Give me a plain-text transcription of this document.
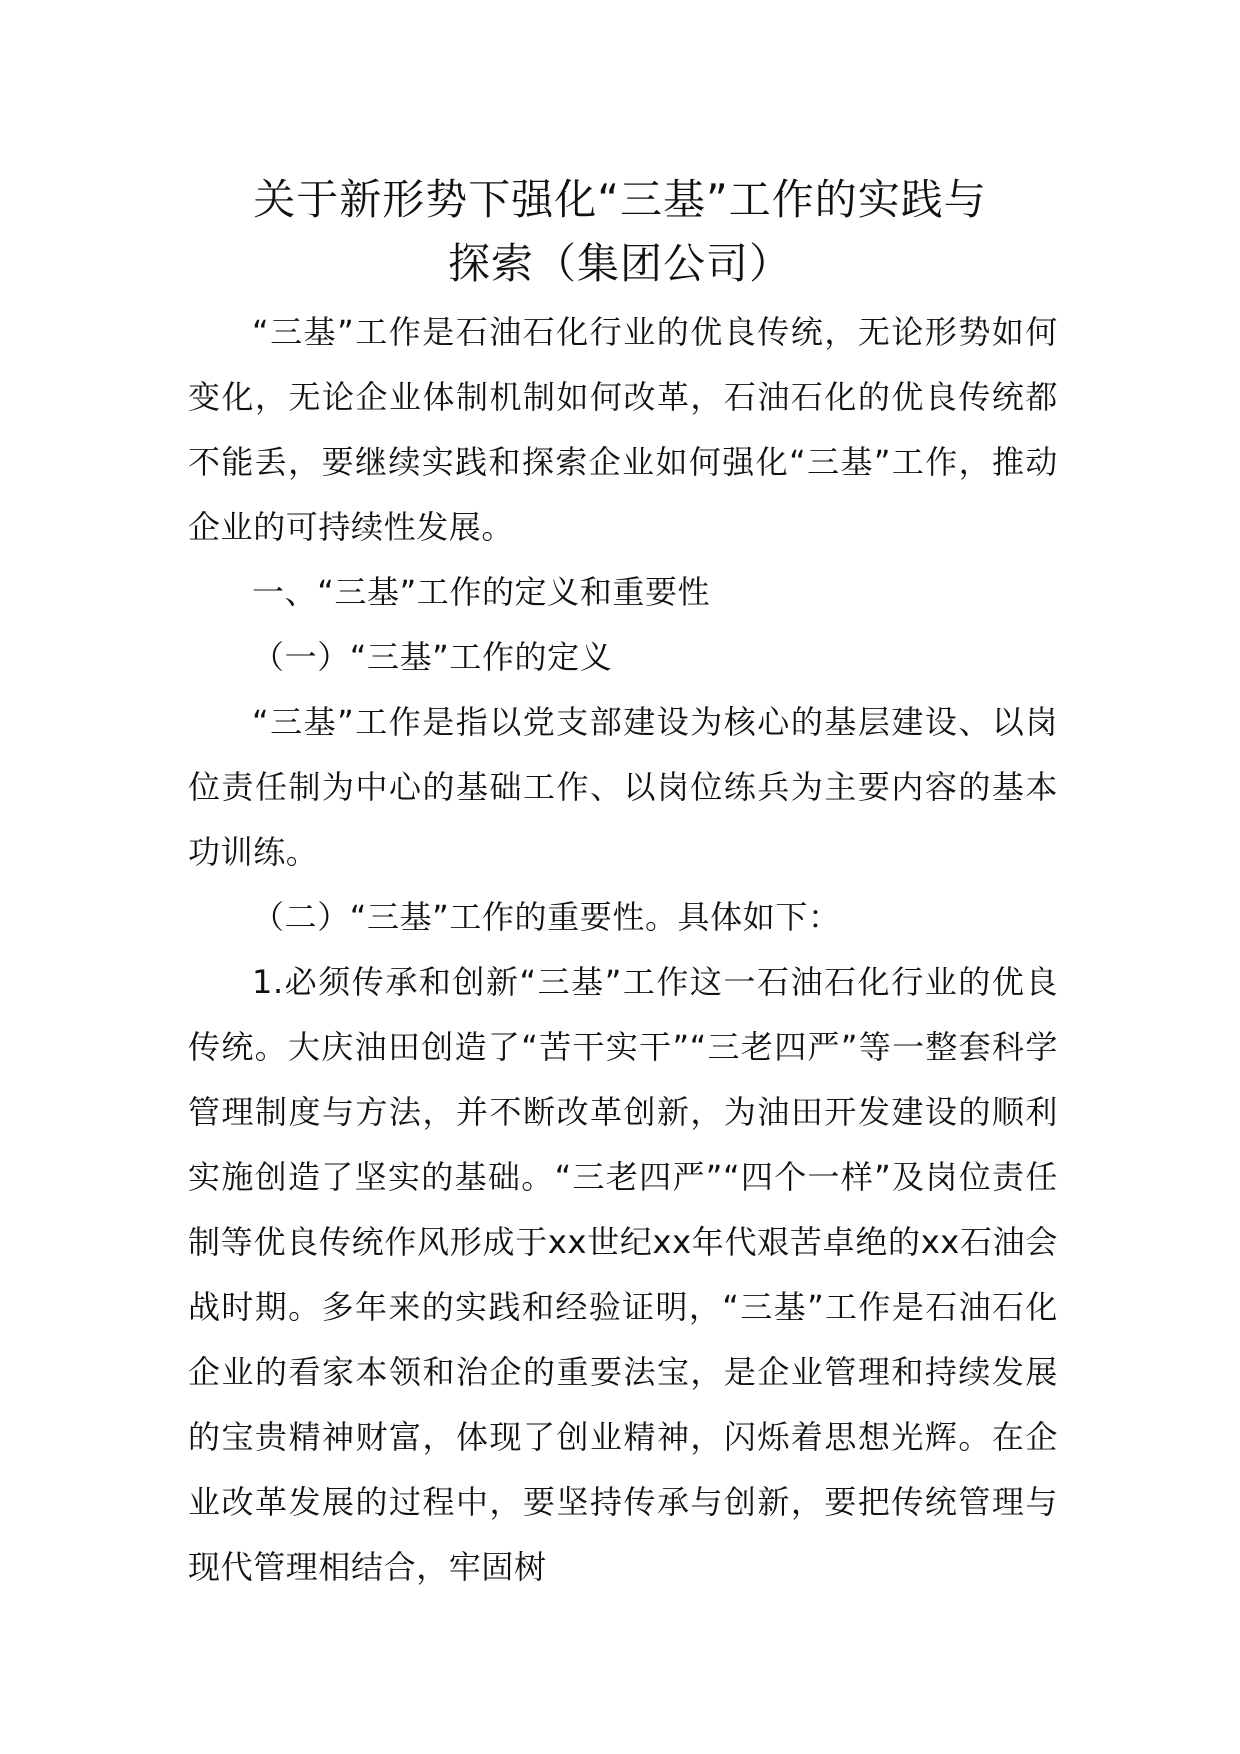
关于新形势下强化“三基”工作的实践与
探索（集团公司）

“三基”工作是石油石化行业的优良传统，无论形势如何变化，无论企业体制机制如何改革，石油石化的优良传统都不能丢，要继续实践和探索企业如何强化“三基”工作，推动企业的可持续性发展。

一、“三基”工作的定义和重要性

（一）“三基”工作的定义

“三基”工作是指以党支部建设为核心的基层建设、以岗位责任制为中心的基础工作、以岗位练兵为主要内容的基本功训练。

（二）“三基”工作的重要性。具体如下：

1.必须传承和创新“三基”工作这一石油石化行业的优良传统。大庆油田创造了“苦干实干”“三老四严”等一整套科学管理制度与方法，并不断改革创新，为油田开发建设的顺利实施创造了坚实的基础。“三老四严”“四个一样”及岗位责任制等优良传统作风形成于xx世纪xx年代艰苦卓绝的xx石油会战时期。多年来的实践和经验证明，“三基”工作是石油石化企业的看家本领和治企的重要法宝，是企业管理和持续发展的宝贵精神财富，体现了创业精神，闪烁着思想光辉。在企业改革发展的过程中，要坚持传承与创新，要把传统管理与现代管理相结合，牢固树
